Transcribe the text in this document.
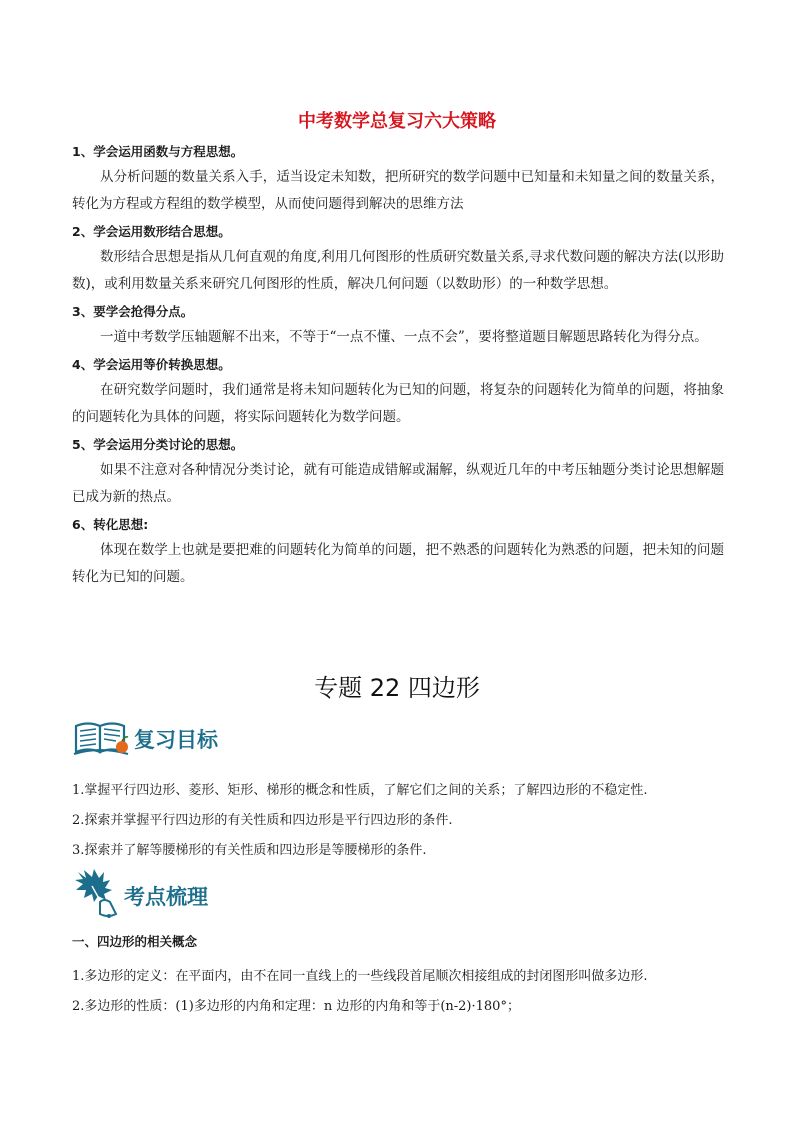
中考数学总复习六大策略

1、学会运用函数与方程思想。

从分析问题的数量关系入手，适当设定未知数，把所研究的数学问题中已知量和未知量之间的数量关系，转化为方程或方程组的数学模型，从而使问题得到解决的思维方法

2、学会运用数形结合思想。

数形结合思想是指从几何直观的角度,利用几何图形的性质研究数量关系,寻求代数问题的解决方法(以形助数)，或利用数量关系来研究几何图形的性质，解决几何问题（以数助形）的一种数学思想。

3、要学会抢得分点。

一道中考数学压轴题解不出来，不等于“一点不懂、一点不会”，要将整道题目解题思路转化为得分点。

4、学会运用等价转换思想。

在研究数学问题时，我们通常是将未知问题转化为已知的问题，将复杂的问题转化为简单的问题，将抽象的问题转化为具体的问题，将实际问题转化为数学问题。

5、学会运用分类讨论的思想。

如果不注意对各种情况分类讨论，就有可能造成错解或漏解，纵观近几年的中考压轴题分类讨论思想解题已成为新的热点。

6、转化思想:

体现在数学上也就是要把难的问题转化为简单的问题，把不熟悉的问题转化为熟悉的问题，把未知的问题转化为已知的问题。

专题 22 四边形
复习目标

1.掌握平行四边形、菱形、矩形、梯形的概念和性质，了解它们之间的关系；了解四边形的不稳定性.

2.探索并掌握平行四边形的有关性质和四边形是平行四边形的条件.

3.探索并了解等腰梯形的有关性质和四边形是等腰梯形的条件.

考点梳理

一、四边形的相关概念

1.多边形的定义：在平面内，由不在同一直线上的一些线段首尾顺次相接组成的封闭图形叫做多边形.

2.多边形的性质：(1)多边形的内角和定理：n 边形的内角和等于(n-2)·180°；
